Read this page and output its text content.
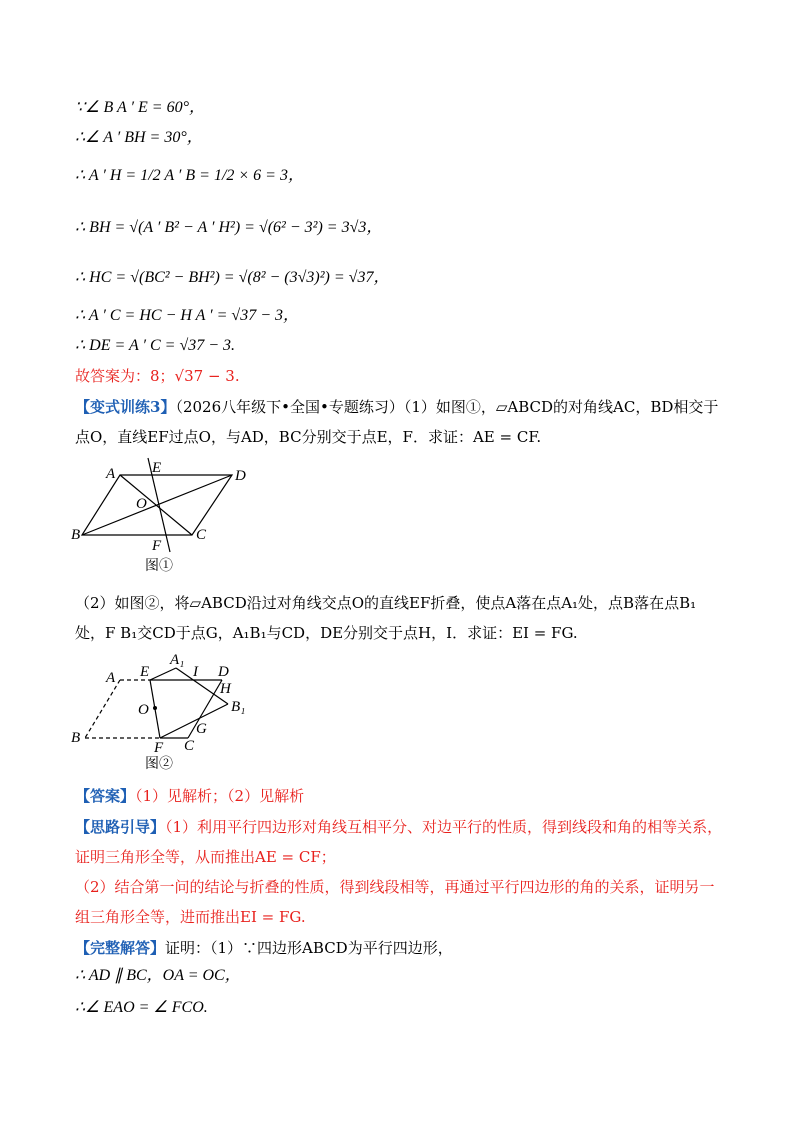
∵∠ B A ′ E = 60°，
∴∠ A ′ BH = 30°，
∴ A ′ H = 1/2 A ′ B = 1/2 × 6 = 3，
∴ BH = √(A ′ B² − A ′ H²) = √(6² − 3²) = 3√3，
∴ HC = √(BC² − BH²) = √(8² − (3√3)²) = √37，
∴ A ′ C = HC − H A ′ = √37 − 3，
∴ DE = A ′ C = √37 − 3.
故答案为：8；√37 − 3.
【变式训练3】（2026八年级下•全国•专题练习）（1）如图①，▱ABCD的对角线AC，BD相交于点O，直线EF过点O，与AD，BC分别交于点E，F．求证：AE = CF.
A E	D
O
B	C
F
图①
（2）如图②，将▱ABCD沿过对角线交点O的直线EF折叠，使点A落在点A₁处，点B落在点B₁处，F B₁交CD于点G，A₁B₁与CD，DE分别交于点H，I．求证：EI = FG.
A E
A₁
I D
H
B₁
O
G
B
F C
图②
【答案】（1）见解析；（2）见解析
【思路引导】（1）利用平行四边形对角线互相平分、对边平行的性质，得到线段和角的相等关系，证明三角形全等，从而推出AE = CF；
（2）结合第一问的结论与折叠的性质，得到线段相等，再通过平行四边形的角的关系，证明另一组三角形全等，进而推出EI = FG.
【完整解答】证明：（1）∵四边形ABCD为平行四边形，
∴ AD ∥ BC，OA = OC，
∴∠ EAO = ∠ FCO.
